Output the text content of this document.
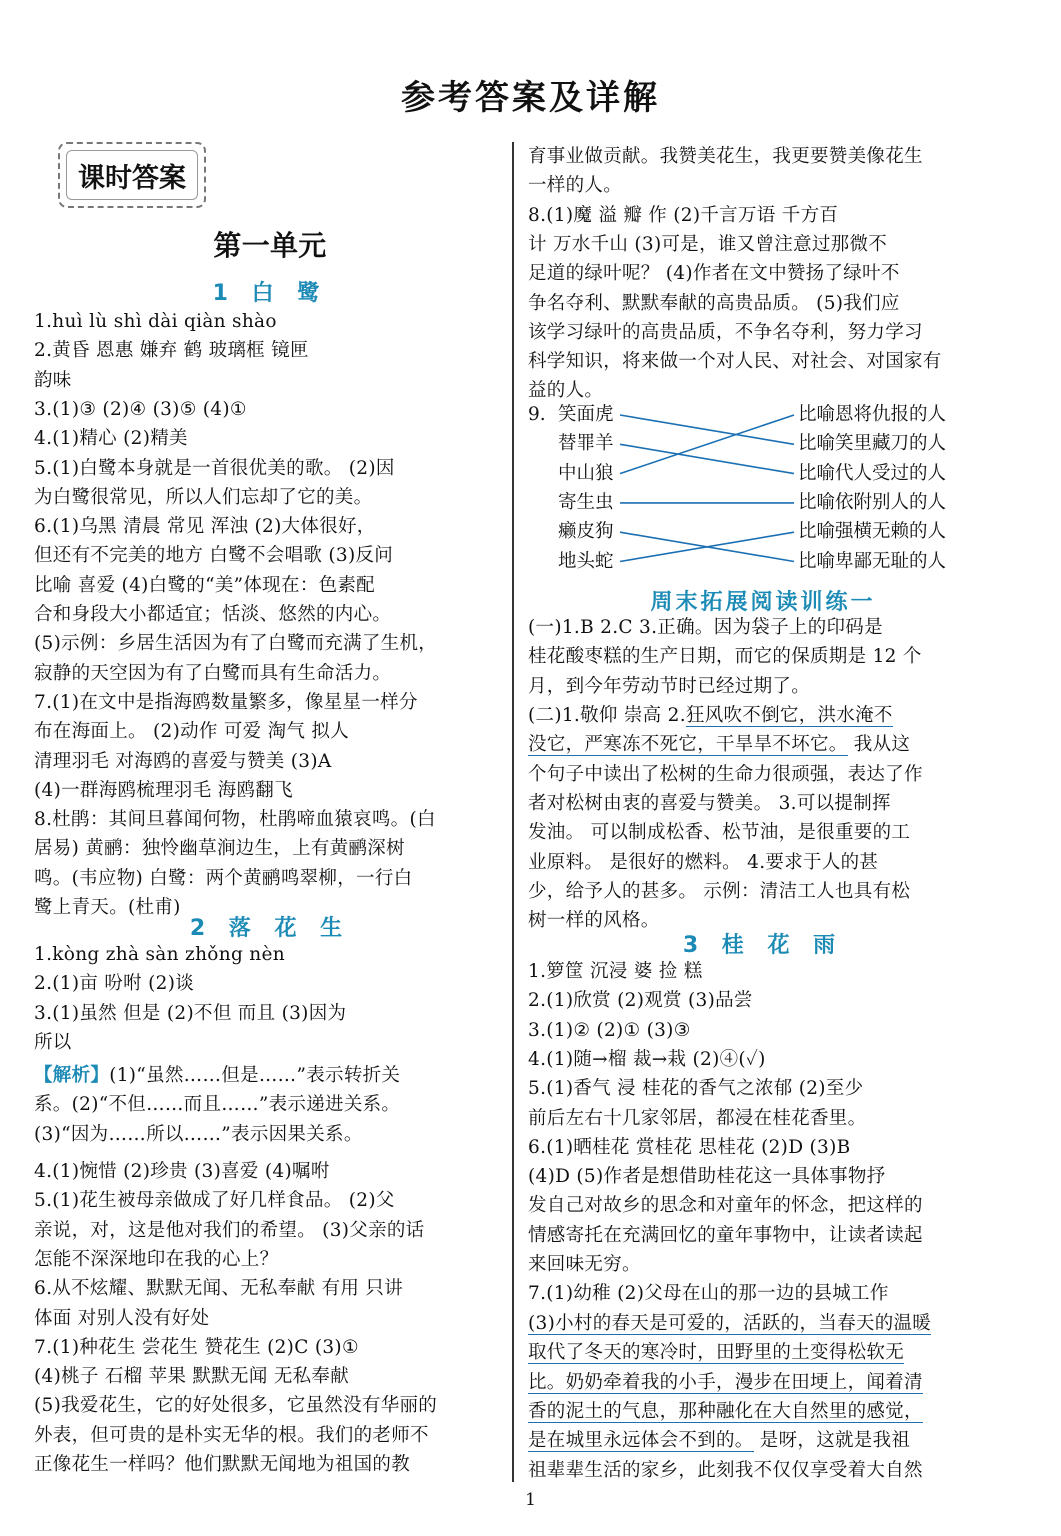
参考答案及详解
课时答案
第一单元
1 白 鹭
1.huì lù shì dài qiàn shào
2.黄昏 恩惠 嫌弃 鹤 玻璃框 镜匣
韵味
3.(1)③ (2)④ (3)⑤ (4)①
4.(1)精心 (2)精美
5.(1)白鹭本身就是一首很优美的歌。 (2)因
为白鹭很常见，所以人们忘却了它的美。
6.(1)乌黑 清晨 常见 浑浊 (2)大体很好，
但还有不完美的地方 白鹭不会唱歌 (3)反问
比喻 喜爱 (4)白鹭的“美”体现在：色素配
合和身段大小都适宜；恬淡、悠然的内心。
(5)示例：乡居生活因为有了白鹭而充满了生机，
寂静的天空因为有了白鹭而具有生命活力。
7.(1)在文中是指海鸥数量繁多，像星星一样分
布在海面上。 (2)动作 可爱 淘气 拟人
清理羽毛 对海鸥的喜爱与赞美 (3)A
(4)一群海鸥梳理羽毛 海鸥翻飞
8.杜鹃：其间旦暮闻何物，杜鹃啼血猿哀鸣。(白
居易) 黄鹂：独怜幽草涧边生，上有黄鹂深树
鸣。(韦应物) 白鹭：两个黄鹂鸣翠柳，一行白
鹭上青天。(杜甫)
2 落 花 生
1.kòng zhà sàn zhǒng nèn
2.(1)亩 吩咐 (2)谈
3.(1)虽然 但是 (2)不但 而且 (3)因为
所以
【解析】(1)“虽然……但是……”表示转折关
系。(2)“不但……而且……”表示递进关系。
(3)“因为……所以……”表示因果关系。
4.(1)惋惜 (2)珍贵 (3)喜爱 (4)嘱咐
5.(1)花生被母亲做成了好几样食品。 (2)父
亲说，对，这是他对我们的希望。 (3)父亲的话
怎能不深深地印在我的心上？
6.从不炫耀、默默无闻、无私奉献 有用 只讲
体面 对别人没有好处
7.(1)种花生 尝花生 赞花生 (2)C (3)①
(4)桃子 石榴 苹果 默默无闻 无私奉献
(5)我爱花生，它的好处很多，它虽然没有华丽的
外表，但可贵的是朴实无华的根。我们的老师不
正像花生一样吗？他们默默无闻地为祖国的教
育事业做贡献。我赞美花生，我更要赞美像花生
一样的人。
8.(1)魔 溢 瓣 作 (2)千言万语 千方百
计 万水千山 (3)可是，谁又曾注意过那微不
足道的绿叶呢？ (4)作者在文中赞扬了绿叶不
争名夺利、默默奉献的高贵品质。 (5)我们应
该学习绿叶的高贵品质，不争名夺利，努力学习
科学知识，将来做一个对人民、对社会、对国家有
益的人。
9. 笑面虎
替罪羊
中山狼
寄生虫
癞皮狗
地头蛇
比喻恩将仇报的人
比喻笑里藏刀的人
比喻代人受过的人
比喻依附别人的人
比喻强横无赖的人
比喻卑鄙无耻的人
周末拓展阅读训练一
(一)1.B 2.C 3.正确。因为袋子上的印码是
桂花酸枣糕的生产日期，而它的保质期是 12 个
月，到今年劳动节时已经过期了。
(二)1.敬仰 崇高 2.狂风吹不倒它，洪水淹不
没它，严寒冻不死它，干旱旱不坏它。 我从这
个句子中读出了松树的生命力很顽强，表达了作
者对松树由衷的喜爱与赞美。 3.可以提制挥
发油。 可以制成松香、松节油，是很重要的工
业原料。 是很好的燃料。 4.要求于人的甚
少，给予人的甚多。 示例：清洁工人也具有松
树一样的风格。
3 桂 花 雨
1.箩筐 沉浸 婆 捡 糕
2.(1)欣赏 (2)观赏 (3)品尝
3.(1)② (2)① (3)③
4.(1)随→榴 裁→栽 (2)④(✓)
5.(1)香气 浸 桂花的香气之浓郁 (2)至少
前后左右十几家邻居，都浸在桂花香里。
6.(1)晒桂花 赏桂花 思桂花 (2)D (3)B
(4)D (5)作者是想借助桂花这一具体事物抒
发自己对故乡的思念和对童年的怀念，把这样的
情感寄托在充满回忆的童年事物中，让读者读起
来回味无穷。
7.(1)幼稚 (2)父母在山的那一边的县城工作
(3)小村的春天是可爱的，活跃的，当春天的温暖
取代了冬天的寒冷时，田野里的土变得松软无
比。奶奶牵着我的小手，漫步在田埂上，闻着清
香的泥土的气息，那种融化在大自然里的感觉，
是在城里永远体会不到的。 是呀，这就是我祖
祖辈辈生活的家乡，此刻我不仅仅享受着大自然
1
